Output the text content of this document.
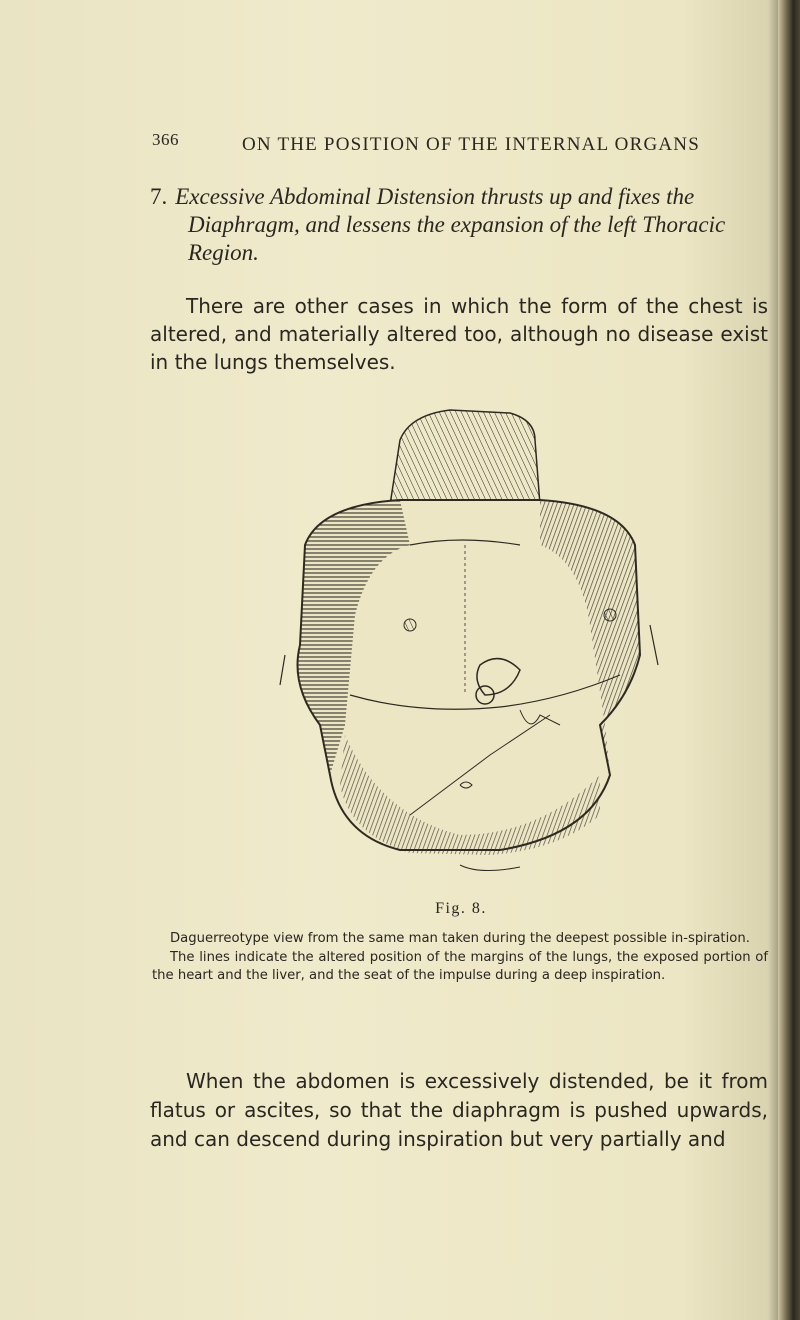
366	ON THE POSITION OF THE INTERNAL ORGANS
7. Excessive Abdominal Distension thrusts up and fixes the
Diaphragm, and lessens the expansion of the left Thoracic
Region.
There are other cases in which the form of the chest is altered, and materially altered too, although no disease exist in the lungs themselves.
Fig. 8.

Daguerreotype view from the same man taken during the deepest possible in-spiration.

The lines indicate the altered position of the margins of the lungs, the exposed portion of the heart and the liver, and the seat of the impulse during a deep inspiration.

When the abdomen is excessively distended, be it from flatus or ascites, so that the diaphragm is pushed upwards, and can descend during inspiration but very partially and
